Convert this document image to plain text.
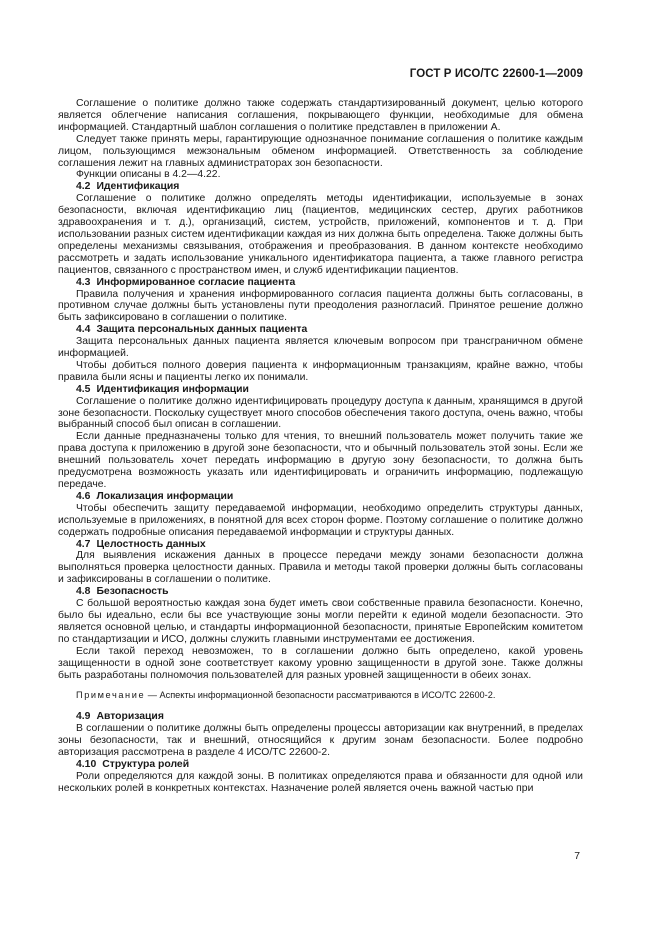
ГОСТ Р ИСО/ТС 22600-1—2009

Соглашение о политике должно также содержать стандартизированный документ, целью которого является облегчение написания соглашения, покрывающего функции, необходимые для обмена информацией. Стандартный шаблон соглашения о политике представлен в приложении А.

Следует также принять меры, гарантирующие однозначное понимание соглашения о политике каждым лицом, пользующимся межзональным обменом информацией. Ответственность за соблюдение соглашения лежит на главных администраторах зон безопасности.

Функции описаны в 4.2—4.22.

4.2 Идентификация

Соглашение о политике должно определять методы идентификации, используемые в зонах безопасности, включая идентификацию лиц (пациентов, медицинских сестер, других работников здравоохранения и т. д.), организаций, систем, устройств, приложений, компонентов и т. д. При использовании разных систем идентификации каждая из них должна быть определена. Также должны быть определены механизмы связывания, отображения и преобразования. В данном контексте необходимо рассмотреть и задать использование уникального идентификатора пациента, а также главного регистра пациентов, связанного с пространством имен, и служб идентификации пациентов.

4.3 Информированное согласие пациента

Правила получения и хранения информированного согласия пациента должны быть согласованы, в противном случае должны быть установлены пути преодоления разногласий. Принятое решение должно быть зафиксировано в соглашении о политике.

4.4 Защита персональных данных пациента

Защита персональных данных пациента является ключевым вопросом при трансграничном обмене информацией.

Чтобы добиться полного доверия пациента к информационным транзакциям, крайне важно, чтобы правила были ясны и пациенты легко их понимали.

4.5 Идентификация информации

Соглашение о политике должно идентифицировать процедуру доступа к данным, хранящимся в другой зоне безопасности. Поскольку существует много способов обеспечения такого доступа, очень важно, чтобы выбранный способ был описан в соглашении.

Если данные предназначены только для чтения, то внешний пользователь может получить такие же права доступа к приложению в другой зоне безопасности, что и обычный пользователь этой зоны. Если же внешний пользователь хочет передать информацию в другую зону безопасности, то должна быть предусмотрена возможность указать или идентифицировать и ограничить информацию, подлежащую передаче.

4.6 Локализация информации

Чтобы обеспечить защиту передаваемой информации, необходимо определить структуры данных, используемые в приложениях, в понятной для всех сторон форме. Поэтому соглашение о политике должно содержать подробные описания передаваемой информации и структуры данных.

4.7 Целостность данных

Для выявления искажения данных в процессе передачи между зонами безопасности должна выполняться проверка целостности данных. Правила и методы такой проверки должны быть согласованы и зафиксированы в соглашении о политике.

4.8 Безопасность

С большой вероятностью каждая зона будет иметь свои собственные правила безопасности. Конечно, было бы идеально, если бы все участвующие зоны могли перейти к единой модели безопасности. Это является основной целью, и стандарты информационной безопасности, принятые Европейским комитетом по стандартизации и ИСО, должны служить главными инструментами ее достижения.

Если такой переход невозможен, то в соглашении должно быть определено, какой уровень защищенности в одной зоне соответствует какому уровню защищенности в другой зоне. Также должны быть разработаны полномочия пользователей для разных уровней защищенности в обеих зонах.

Примечание — Аспекты информационной безопасности рассматриваются в ИСО/ТС 22600-2.

4.9 Авторизация

В соглашении о политике должны быть определены процессы авторизации как внутренний, в пределах зоны безопасности, так и внешний, относящийся к другим зонам безопасности. Более подробно авторизация рассмотрена в разделе 4 ИСО/ТС 22600-2.

4.10 Структура ролей

Роли определяются для каждой зоны. В политиках определяются права и обязанности для одной или нескольких ролей в конкретных контекстах. Назначение ролей является очень важной частью при

7
